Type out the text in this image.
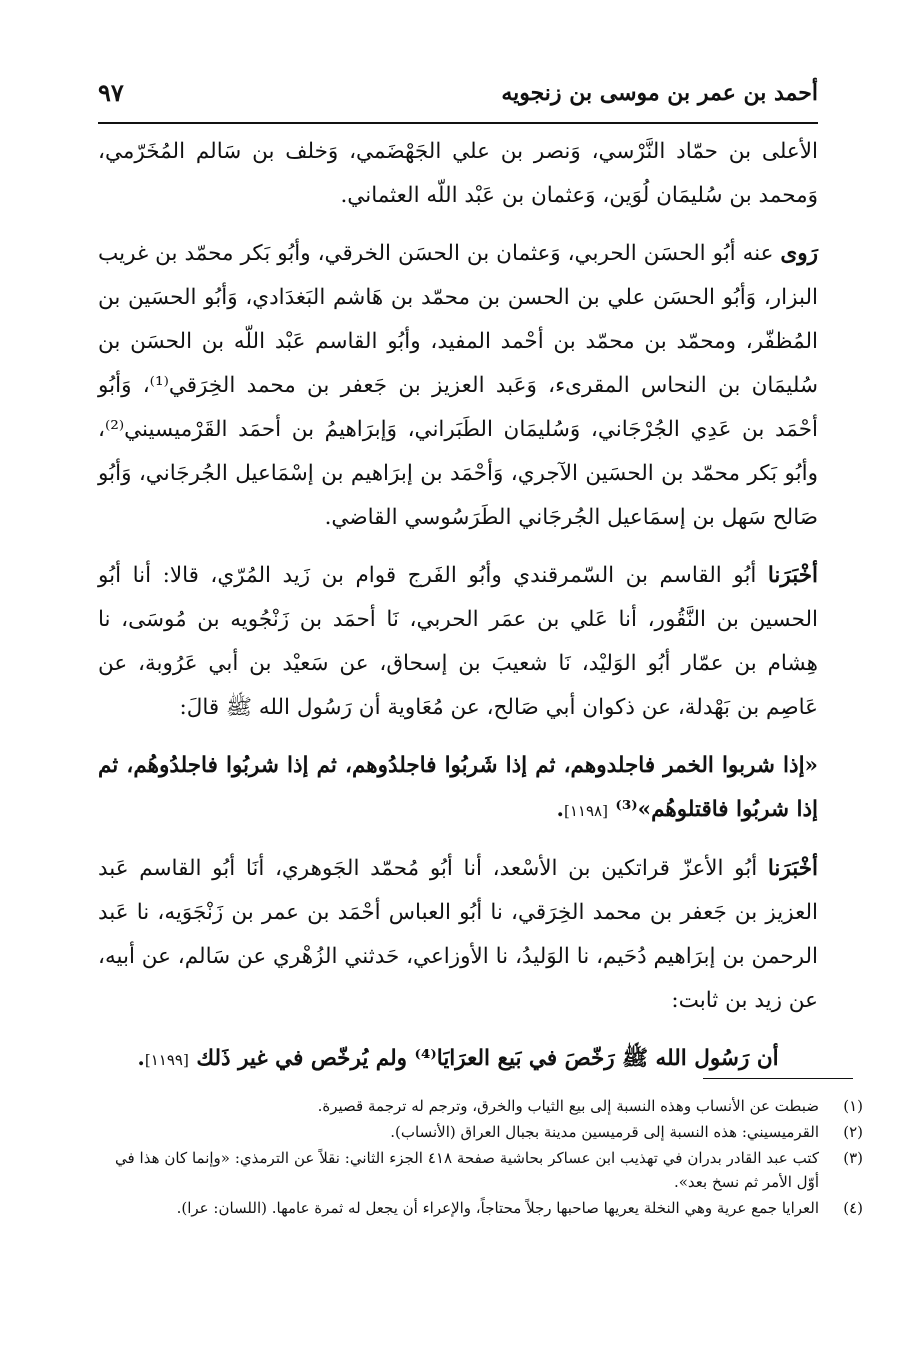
أحمد بن عمر بن موسى بن زنجويه
٩٧

الأعلى بن حمّاد النَّرْسي، وَنصر بن علي الجَهْضَمي، وَخلف بن سَالم المُخَرّمي، وَمحمد بن سُليمَان لُوَين، وَعثمان بن عَبْد اللّه العثماني.

رَوى عنه أبُو الحسَن الحربي، وَعثمان بن الحسَن الخرقي، وأبُو بَكر محمّد بن غريب البزار، وَأبُو الحسَن علي بن الحسن بن محمّد بن هَاشم البَغدَادي، وَأبُو الحسَين بن المُظفّر، ومحمّد بن محمّد بن أحْمد المفيد، وأبُو القاسم عَبْد اللّه بن الحسَن بن سُليمَان بن النحاس المقرىء، وَعَبد العزيز بن جَعفر بن محمد الخِرَقي⁽¹⁾، وَأبُو أحْمَد بن عَدِي الجُرْجَاني، وَسُليمَان الطَبَراني، وَإبرَاهيمُ بن أحمَد القَرْميسيني⁽²⁾، وأبُو بَكر محمّد بن الحسَين الآجري، وَأحْمَد بن إبرَاهيم بن إسْمَاعيل الجُرجَاني، وَأبُو صَالح سَهل بن إسمَاعيل الجُرجَاني الطَرَسُوسي القاضي.

أخْبَرَنا أبُو القاسم بن السّمرقندي وأبُو الفَرج قوام بن زَيد المُرّي، قالا: أنا أبُو الحسين بن النَّقُور، أنا عَلي بن عمَر الحربي، نَا أحمَد بن زَنْجُويه بن مُوسَى، نا هِشام بن عمّار أبُو الوَليْد، نَا شعيبَ بن إسحاق، عن سَعيْد بن أبي عَرُوبة، عن عَاصِم بن بَهْدلة، عن ذكوان أبي صَالح، عن مُعَاوية أن رَسُول الله ﷺ قالَ:

«إذا شربوا الخمر فاجلدوهم، ثم إذا شَربُوا فاجلدُوهم، ثم إذا شربُوا فاجلدُوهُم، ثم إذا شربُوا فاقتلوهُم»⁽³⁾ [١١٩٨].

أخْبَرَنا أبُو الأعزّ قراتكين بن الأسْعد، أنا أبُو مُحمّد الجَوهري، أنَا أبُو القاسم عَبد العزيز بن جَعفر بن محمد الخِرَقي، نا أبُو العباس أحْمَد بن عمر بن زَنْجَوَيه، نا عَبد الرحمن بن إبرَاهيم دُحَيم، نا الوَليدُ، نا الأوزاعي، حَدثني الزُهْري عن سَالم، عن أبيه، عن زيد بن ثابت:

أن رَسُول الله ﷺ رَخّصَ في بَيع العرَايَا⁽⁴⁾ ولم يُرخّص في غير ذَلك [١١٩٩].

(١)
ضبطت عن الأنساب وهذه النسبة إلى بيع الثياب والخرق، وترجم له ترجمة قصيرة.
(٢)
القرميسيني: هذه النسبة إلى قرميسين مدينة بجبال العراق (الأنساب).
(٣)
كتب عبد القادر بدران في تهذيب ابن عساكر بحاشية صفحة ٤١٨ الجزء الثاني: نقلاً عن الترمذي: «وإنما كان هذا في أوّل الأمر ثم نسخ بعد».
(٤)
العرايا جمع عرية وهي النخلة يعريها صاحبها رجلاً محتاجاً، والإعراء أن يجعل له ثمرة عامها. (اللسان: عرا).
